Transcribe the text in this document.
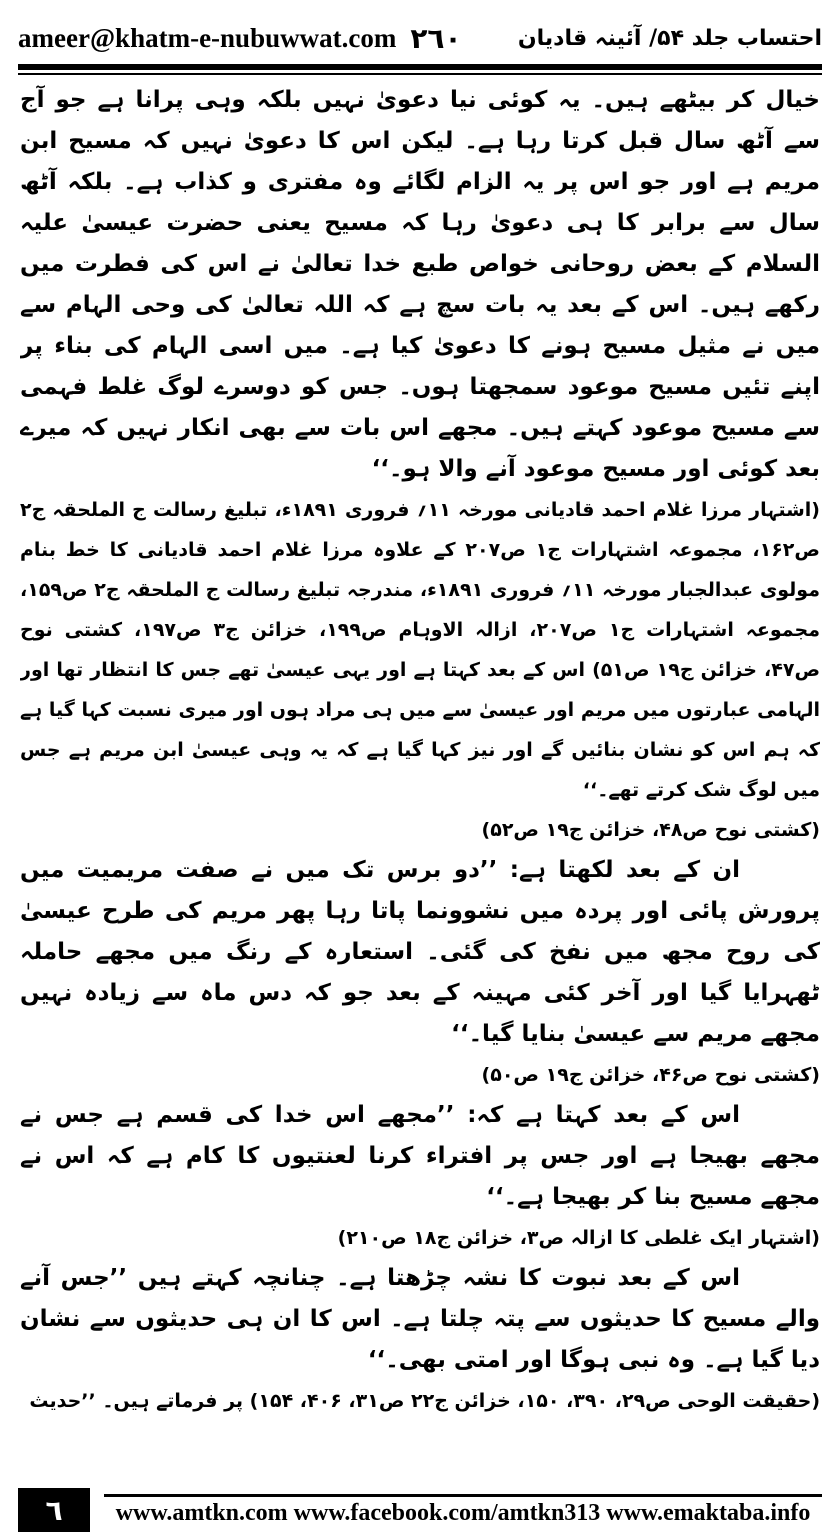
ameer@khatm-e-nubuwwat.com ۲٦٠	احتساب جلد ۵۴/ آئینہ قادیان

خیال کر بیٹھے ہیں۔ یہ کوئی نیا دعویٰ نہیں بلکہ وہی پرانا ہے جو آج سے آٹھ سال قبل کرتا رہا ہے۔ لیکن اس کا دعویٰ نہیں کہ مسیح ابن مریم ہے اور جو اس پر یہ الزام لگائے وہ مفتری و کذاب ہے۔ بلکہ آٹھ سال سے برابر کا ہی دعویٰ رہا کہ مسیح یعنی حضرت عیسیٰ علیہ السلام کے بعض روحانی خواص طبع خدا تعالیٰ نے اس کی فطرت میں رکھے ہیں۔ اس کے بعد یہ بات سچ ہے کہ اللہ تعالیٰ کی وحی الہام سے میں نے مثیل مسیح ہونے کا دعویٰ کیا ہے۔ میں اسی الہام کی بناء پر اپنے تئیں مسیح موعود سمجھتا ہوں۔ جس کو دوسرے لوگ غلط فہمی سے مسیح موعود کہتے ہیں۔ مجھے اس بات سے بھی انکار نہیں کہ میرے بعد کوئی اور مسیح موعود آنے والا ہو۔‘‘

(اشتہار مرزا غلام احمد قادیانی مورخہ ۱۱؍ فروری ۱۸۹۱ء، تبلیغ رسالت ج الملحقہ ج۲ ص۱۶۲، مجموعہ اشتہارات ج۱ ص۲۰۷ کے علاوہ مرزا غلام احمد قادیانی کا خط بنام مولوی عبدالجبار مورخہ ۱۱؍ فروری ۱۸۹۱ء، مندرجہ تبلیغ رسالت ج الملحقہ ج۲ ص۱۵۹، مجموعہ اشتہارات ج۱ ص۲۰۷، ازالہ الاوہام ص۱۹۹، خزائن ج۳ ص۱۹۷، کشتی نوح ص۴۷، خزائن ج۱۹ ص۵۱) اس کے بعد کہتا ہے اور یہی عیسیٰ تھے جس کا انتظار تھا اور الہامی عبارتوں میں مریم اور عیسیٰ سے میں ہی مراد ہوں اور میری نسبت کہا گیا ہے کہ ہم اس کو نشان بنائیں گے اور نیز کہا گیا ہے کہ یہ وہی عیسیٰ ابن مریم ہے جس میں لوگ شک کرتے تھے۔‘‘

(کشتی نوح ص۴۸، خزائن ج۱۹ ص۵۲)

ان کے بعد لکھتا ہے: ’’دو برس تک میں نے صفت مریمیت میں پرورش پائی اور پردہ میں نشوونما پاتا رہا پھر مریم کی طرح عیسیٰ کی روح مجھ میں نفخ کی گئی۔ استعارہ کے رنگ میں مجھے حاملہ ٹھہرایا گیا اور آخر کئی مہینہ کے بعد جو کہ دس ماہ سے زیادہ نہیں مجھے مریم سے عیسیٰ بنایا گیا۔‘‘

(کشتی نوح ص۴۶، خزائن ج۱۹ ص۵۰)

اس کے بعد کہتا ہے کہ: ’’مجھے اس خدا کی قسم ہے جس نے مجھے بھیجا ہے اور جس پر افتراء کرنا لعنتیوں کا کام ہے کہ اس نے مجھے مسیح بنا کر بھیجا ہے۔‘‘

(اشتہار ایک غلطی کا ازالہ ص۳، خزائن ج۱۸ ص۲۱۰)

اس کے بعد نبوت کا نشہ چڑھتا ہے۔ چنانچہ کہتے ہیں ’’جس آنے والے مسیح کا حدیثوں سے پتہ چلتا ہے۔ اس کا ان ہی حدیثوں سے نشان دیا گیا ہے۔ وہ نبی ہوگا اور امتی بھی۔‘‘

(حقیقت الوحی ص۲۹، ۳۹۰، ۱۵۰، خزائن ج۲۲ ص۳۱، ۴۰۶، ۱۵۴) پر فرماتے ہیں۔ ’’حدیث

٦	www.amtkn.com www.facebook.com/amtkn313 www.emaktaba.info
